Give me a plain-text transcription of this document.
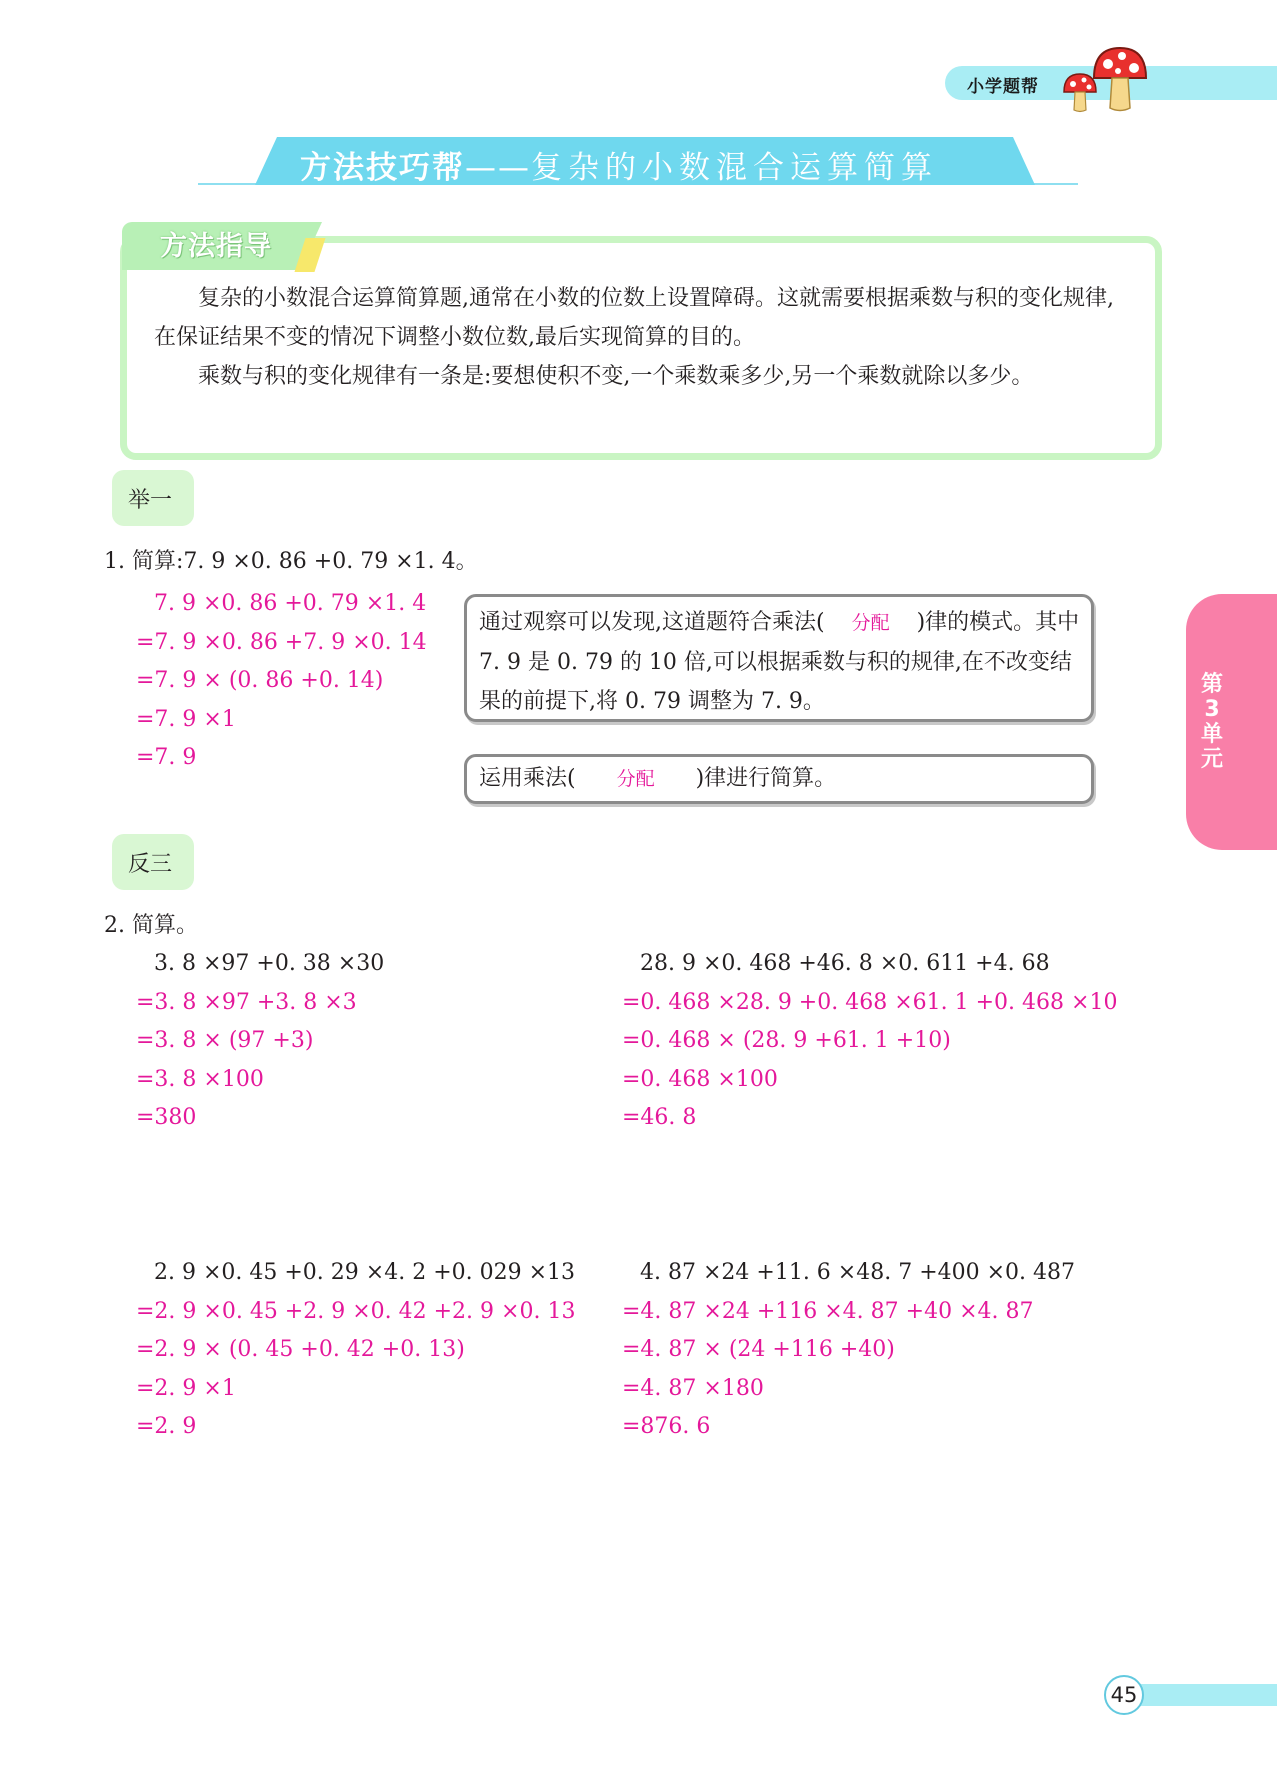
小学题帮
方法技巧帮——复杂的小数混合运算简算
方法指导
复杂的小数混合运算简算题,通常在小数的位数上设置障碍。这就需要根据乘数与积的变化规律,在保证结果不变的情况下调整小数位数,最后实现简算的目的。
乘数与积的变化规律有一条是:要想使积不变,一个乘数乘多少,另一个乘数就除以多少。
举一
1. 简算:7. 9 ×0. 86 +0. 79 ×1. 4。
7. 9 ×0. 86 +0. 79 ×1. 4
=7. 9 ×0. 86 +7. 9 ×0. 14
=7. 9 × (0. 86 +0. 14)
=7. 9 ×1
=7. 9
通过观察可以发现,这道题符合乘法( 分配 )律的模式。其中 7. 9 是 0. 79 的 10 倍,可以根据乘数与积的规律,在不改变结果的前提下,将 0. 79 调整为 7. 9。
运用乘法( 分配 )律进行简算。
反三
2. 简算。
3. 8 ×97 +0. 38 ×30
=3. 8 ×97 +3. 8 ×3
=3. 8 × (97 +3)
=3. 8 ×100
=380
28. 9 ×0. 468 +46. 8 ×0. 611 +4. 68
=0. 468 ×28. 9 +0. 468 ×61. 1 +0. 468 ×10
=0. 468 × (28. 9 +61. 1 +10)
=0. 468 ×100
=46. 8
2. 9 ×0. 45 +0. 29 ×4. 2 +0. 029 ×13
=2. 9 ×0. 45 +2. 9 ×0. 42 +2. 9 ×0. 13
=2. 9 × (0. 45 +0. 42 +0. 13)
=2. 9 ×1
=2. 9
4. 87 ×24 +11. 6 ×48. 7 +400 ×0. 487
=4. 87 ×24 +116 ×4. 87 +40 ×4. 87
=4. 87 × (24 +116 +40)
=4. 87 ×180
=876. 6
第
3
单
元
45
